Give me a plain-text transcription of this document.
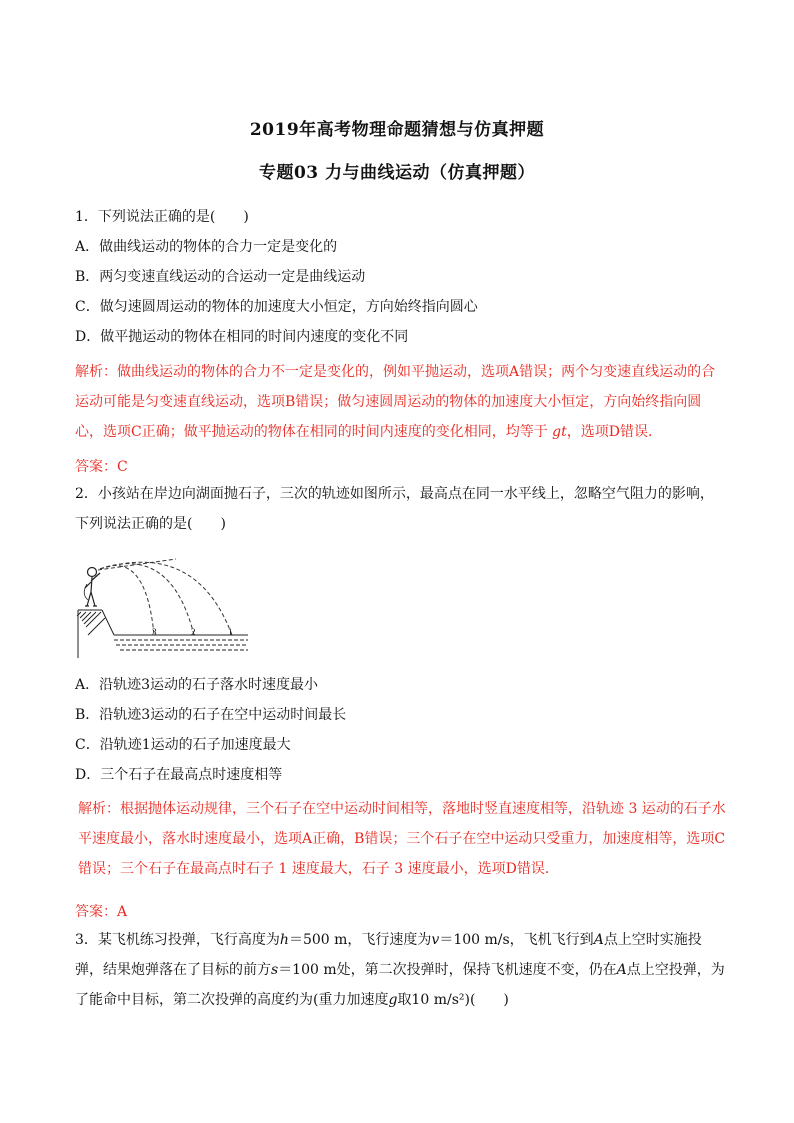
2019年高考物理命题猜想与仿真押题
专题03 力与曲线运动（仿真押题）
1．下列说法正确的是(　　)
A．做曲线运动的物体的合力一定是变化的
B．两匀变速直线运动的合运动一定是曲线运动
C．做匀速圆周运动的物体的加速度大小恒定，方向始终指向圆心
D．做平抛运动的物体在相同的时间内速度的变化不同
解析：做曲线运动的物体的合力不一定是变化的，例如平抛运动，选项A错误；两个匀变速直线运动的合运动可能是匀变速直线运动，选项B错误；做匀速圆周运动的物体的加速度大小恒定，方向始终指向圆心，选项C正确；做平抛运动的物体在相同的时间内速度的变化相同，均等于 gt，选项D错误．
答案：C
2．小孩站在岸边向湖面抛石子，三次的轨迹如图所示，最高点在同一水平线上，忽略空气阻力的影响，下列说法正确的是(　　)
3	2	1
A．沿轨迹3运动的石子落水时速度最小
B．沿轨迹3运动的石子在空中运动时间最长
C．沿轨迹1运动的石子加速度最大
D．三个石子在最高点时速度相等
解析：根据抛体运动规律，三个石子在空中运动时间相等，落地时竖直速度相等，沿轨迹 3 运动的石子水平速度最小，落水时速度最小，选项A正确，B错误；三个石子在空中运动只受重力，加速度相等，选项C错误；三个石子在最高点时石子 1 速度最大，石子 3 速度最小，选项D错误．
答案：A
3．某飞机练习投弹，飞行高度为h＝500 m，飞行速度为v＝100 m/s，飞机飞行到A点上空时实施投弹，结果炮弹落在了目标的前方s＝100 m处，第二次投弹时，保持飞机速度不变，仍在A点上空投弹，为了能命中目标，第二次投弹的高度约为(重力加速度g取10 m/s²)(　　)
